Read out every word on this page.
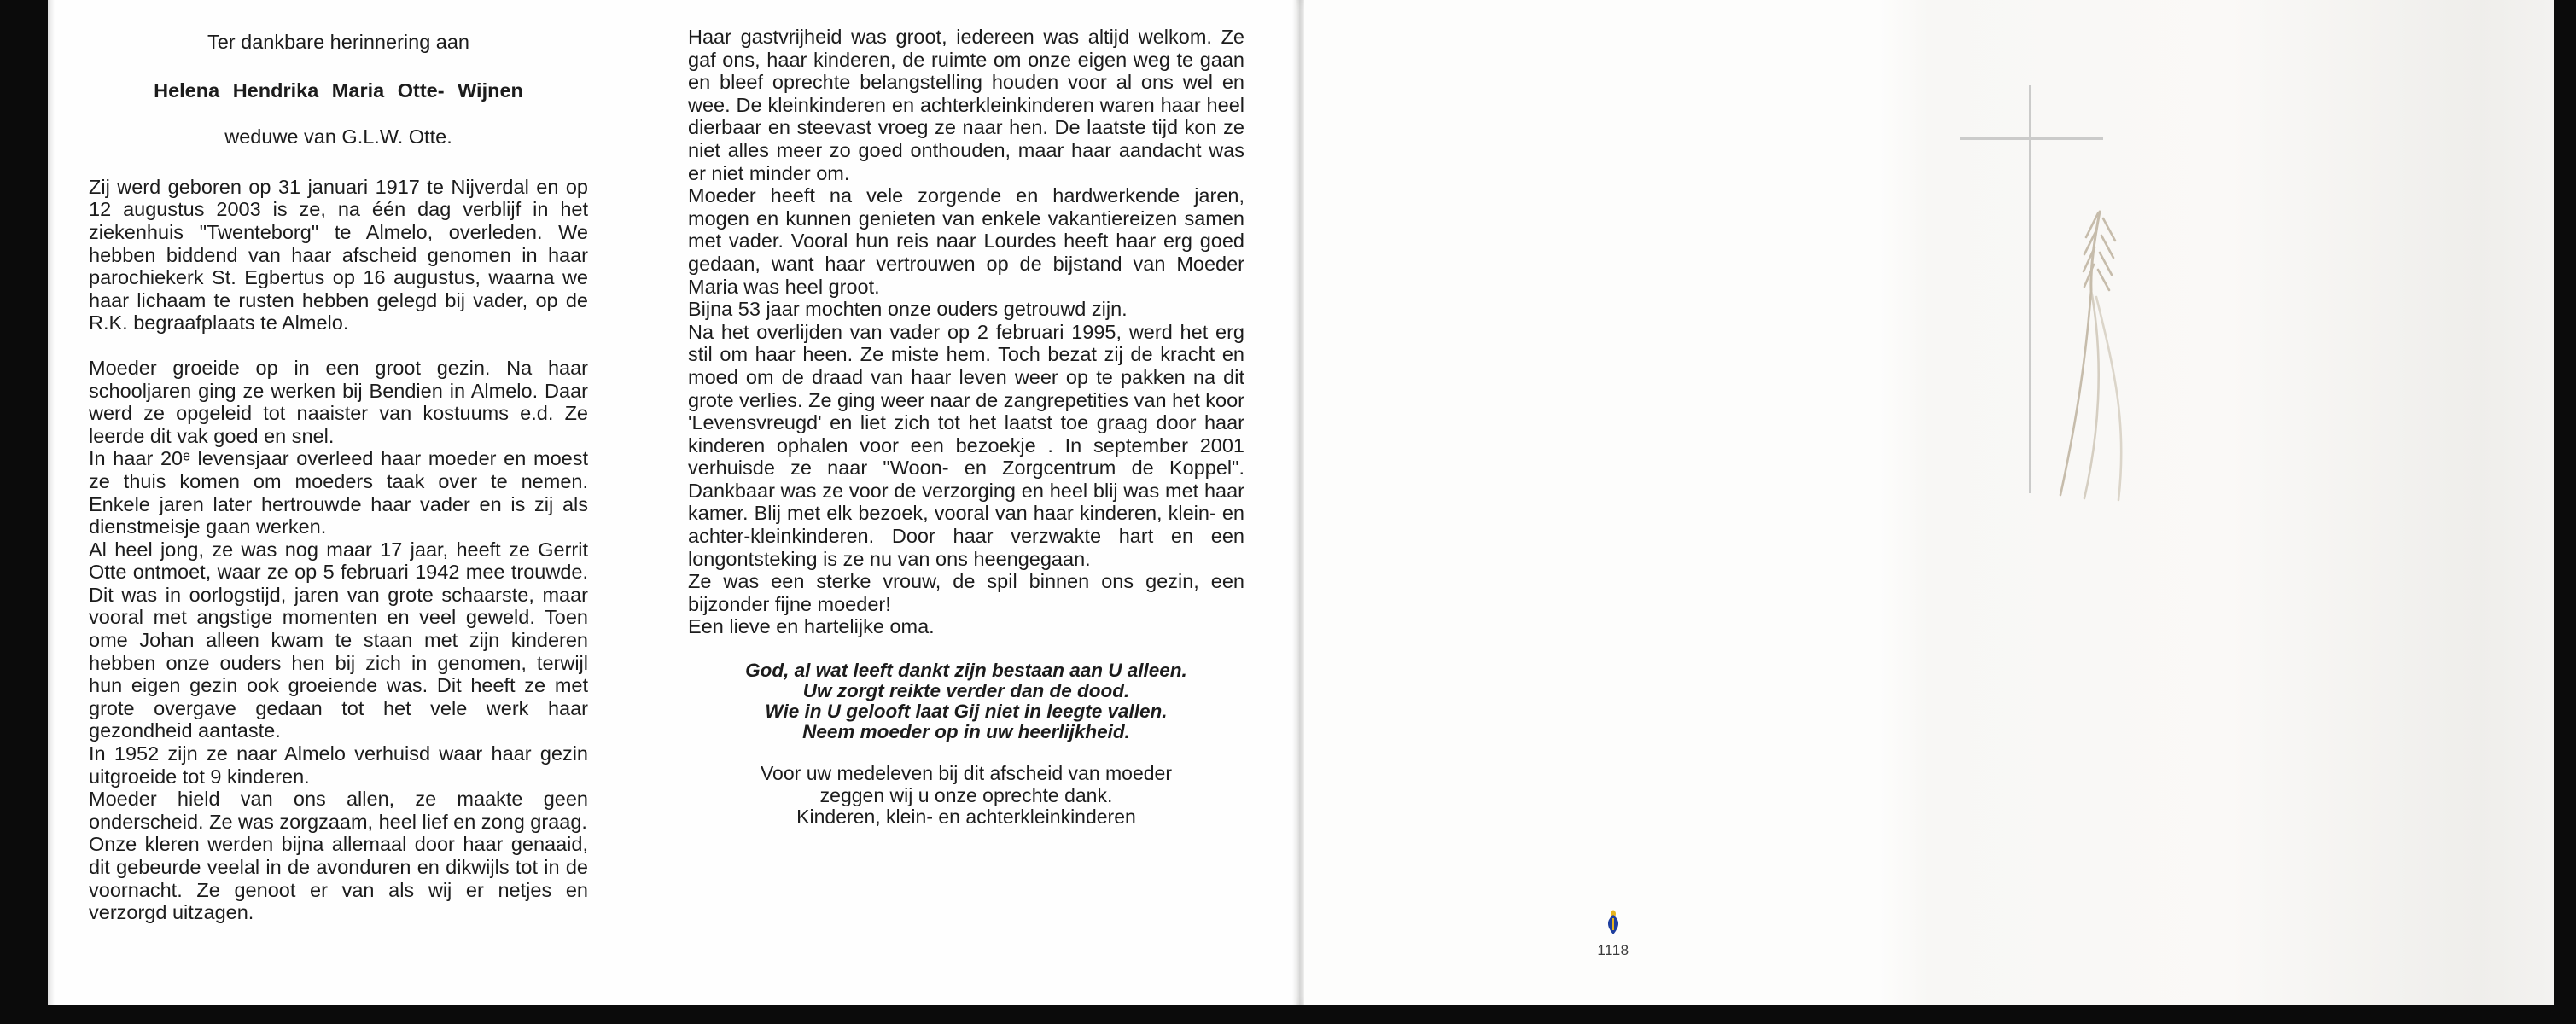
Ter dankbare herinnering aan

Helena Hendrika Maria Otte- Wijnen

weduwe van G.L.W. Otte.

Zij werd geboren op 31 januari 1917 te Nijverdal en op 12 augustus 2003 is ze, na één dag verblijf in het ziekenhuis "Twenteborg" te Almelo, overleden. We hebben biddend van haar afscheid genomen in haar parochiekerk St. Egbertus op 16 augustus, waarna we haar lichaam te rusten hebben gelegd bij vader, op de R.K. begraafplaats te Almelo.

Moeder groeide op in een groot gezin. Na haar schooljaren ging ze werken bij Bendien in Almelo. Daar werd ze opgeleid tot naaister van kostuums e.d. Ze leerde dit vak goed en snel.

In haar 20ᵉ levensjaar overleed haar moeder en moest ze thuis komen om moeders taak over te nemen. Enkele jaren later hertrouwde haar vader en is zij als dienstmeisje gaan werken.

Al heel jong, ze was nog maar 17 jaar, heeft ze Gerrit Otte ontmoet, waar ze op 5 februari 1942 mee trouwde. Dit was in oorlogstijd, jaren van grote schaarste, maar vooral met angstige momenten en veel geweld. Toen ome Johan alleen kwam te staan met zijn kinderen hebben onze ouders hen bij zich in genomen, terwijl hun eigen gezin ook groeiende was. Dit heeft ze met grote overgave gedaan tot het vele werk haar gezondheid aantaste.

In 1952 zijn ze naar Almelo verhuisd waar haar gezin uitgroeide tot 9 kinderen.

Moeder hield van ons allen, ze maakte geen onderscheid. Ze was zorgzaam, heel lief en zong graag.

Onze kleren werden bijna allemaal door haar genaaid, dit gebeurde veelal in de avonduren en dikwijls tot in de voornacht. Ze genoot er van als wij er netjes en verzorgd uitzagen.

Haar gastvrijheid was groot, iedereen was altijd welkom. Ze gaf ons, haar kinderen, de ruimte om onze eigen weg te gaan en bleef oprechte belangstelling houden voor al ons wel en wee. De kleinkinderen en achterkleinkinderen waren haar heel dierbaar en steevast vroeg ze naar hen. De laatste tijd kon ze niet alles meer zo goed onthouden, maar haar aandacht was er niet minder om.

Moeder heeft na vele zorgende en hardwerkende jaren, mogen en kunnen genieten van enkele vakantiereizen samen met vader. Vooral hun reis naar Lourdes heeft haar erg goed gedaan, want haar vertrouwen op de bijstand van Moeder Maria was heel groot.

Bijna 53 jaar mochten onze ouders getrouwd zijn.

Na het overlijden van vader op 2 februari 1995, werd het erg stil om haar heen. Ze miste hem. Toch bezat zij de kracht en moed om de draad van haar leven weer op te pakken na dit grote verlies. Ze ging weer naar de zangrepetities van het koor 'Levensvreugd' en liet zich tot het laatst toe graag door haar kinderen ophalen voor een bezoekje . In september 2001 verhuisde ze naar "Woon- en Zorgcentrum de Koppel". Dankbaar was ze voor de verzorging en heel blij was met haar kamer. Blij met elk bezoek, vooral van haar kinderen, klein- en achter-kleinkinderen. Door haar verzwakte hart en een longontsteking is ze nu van ons heengegaan.

Ze was een sterke vrouw, de spil binnen ons gezin, een bijzonder fijne moeder!

Een lieve en hartelijke oma.

God, al wat leeft dankt zijn bestaan aan U alleen.

Uw zorgt reikte verder dan de dood.

Wie in U gelooft laat Gij niet in leegte vallen.

Neem moeder op in uw heerlijkheid.

Voor uw medeleven bij dit afscheid van moeder

zeggen wij u onze oprechte dank.

Kinderen, klein- en achterkleinkinderen

1118
